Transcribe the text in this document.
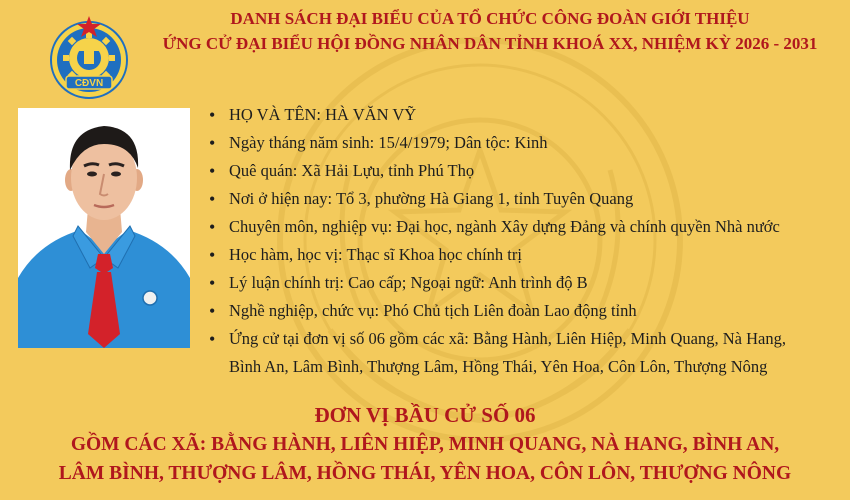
CĐVN
DANH SÁCH ĐẠI BIỂU CỦA TỔ CHỨC CÔNG ĐOÀN GIỚI THIỆU
ỨNG CỬ ĐẠI BIỂU HỘI ĐỒNG NHÂN DÂN TỈNH KHOÁ XX, NHIỆM KỲ 2026 - 2031
• HỌ VÀ TÊN: HÀ VĂN VỸ
• Ngày tháng năm sinh: 15/4/1979; Dân tộc: Kinh
• Quê quán: Xã Hải Lựu, tỉnh Phú Thọ
• Nơi ở hiện nay: Tổ 3, phường Hà Giang 1, tỉnh Tuyên Quang
• Chuyên môn, nghiệp vụ: Đại học, ngành Xây dựng Đảng và chính quyền Nhà nước
• Học hàm, học vị: Thạc sĩ Khoa học chính trị
• Lý luận chính trị: Cao cấp; Ngoại ngữ: Anh trình độ B
• Nghề nghiệp, chức vụ: Phó Chủ tịch Liên đoàn Lao động tỉnh
• Ứng cử tại đơn vị số 06 gồm các xã: Bằng Hành, Liên Hiệp, Minh Quang, Nà Hang,
Bình An, Lâm Bình, Thượng Lâm, Hồng Thái, Yên Hoa, Côn Lôn, Thượng Nông
ĐƠN VỊ BẦU CỬ SỐ 06
GỒM CÁC XÃ: BẰNG HÀNH, LIÊN HIỆP, MINH QUANG, NÀ HANG, BÌNH AN,
LÂM BÌNH, THƯỢNG LÂM, HỒNG THÁI, YÊN HOA, CÔN LÔN, THƯỢNG NÔNG
